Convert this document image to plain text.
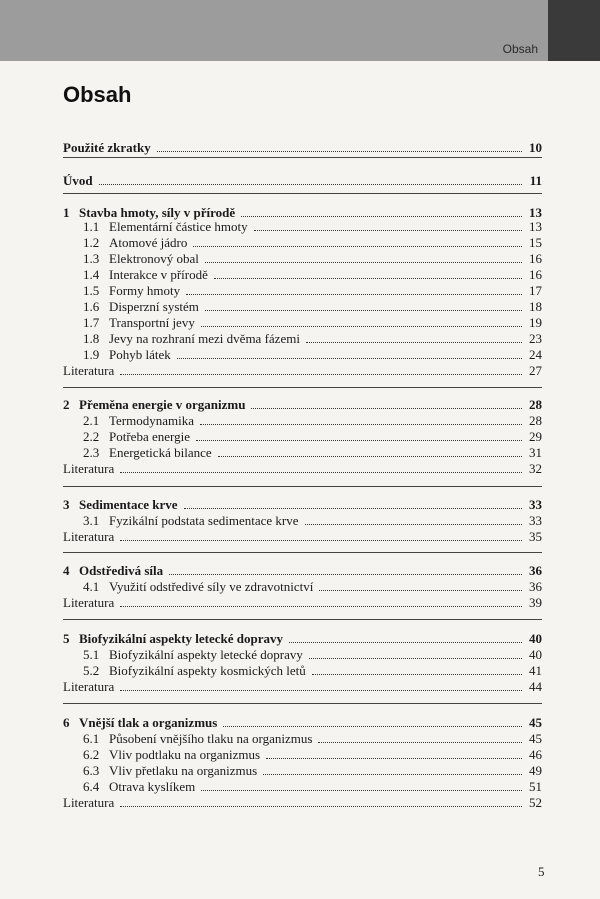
Obsah
Obsah
Použité zkratky	10
Úvod	11
1 Stavba hmoty, síly v přírodě	13
1.1 Elementární částice hmoty	13
1.2 Atomové jádro	15
1.3 Elektronový obal	16
1.4 Interakce v přírodě	16
1.5 Formy hmoty	17
1.6 Disperzní systém	18
1.7 Transportní jevy	19
1.8 Jevy na rozhraní mezi dvěma fázemi	23
1.9 Pohyb látek	24
Literatura	27
2 Přeměna energie v organizmu	28
2.1 Termodynamika	28
2.2 Potřeba energie	29
2.3 Energetická bilance	31
Literatura	32
3 Sedimentace krve	33
3.1 Fyzikální podstata sedimentace krve	33
Literatura	35
4 Odstředivá síla	36
4.1 Využití odstředivé síly ve zdravotnictví	36
Literatura	39
5 Biofyzikální aspekty letecké dopravy	40
5.1 Biofyzikální aspekty letecké dopravy	40
5.2 Biofyzikální aspekty kosmických letů	41
Literatura	44
6 Vnější tlak a organizmus	45
6.1 Působení vnějšího tlaku na organizmus	45
6.2 Vliv podtlaku na organizmus	46
6.3 Vliv přetlaku na organizmus	49
6.4 Otrava kyslíkem	51
Literatura	52
5
